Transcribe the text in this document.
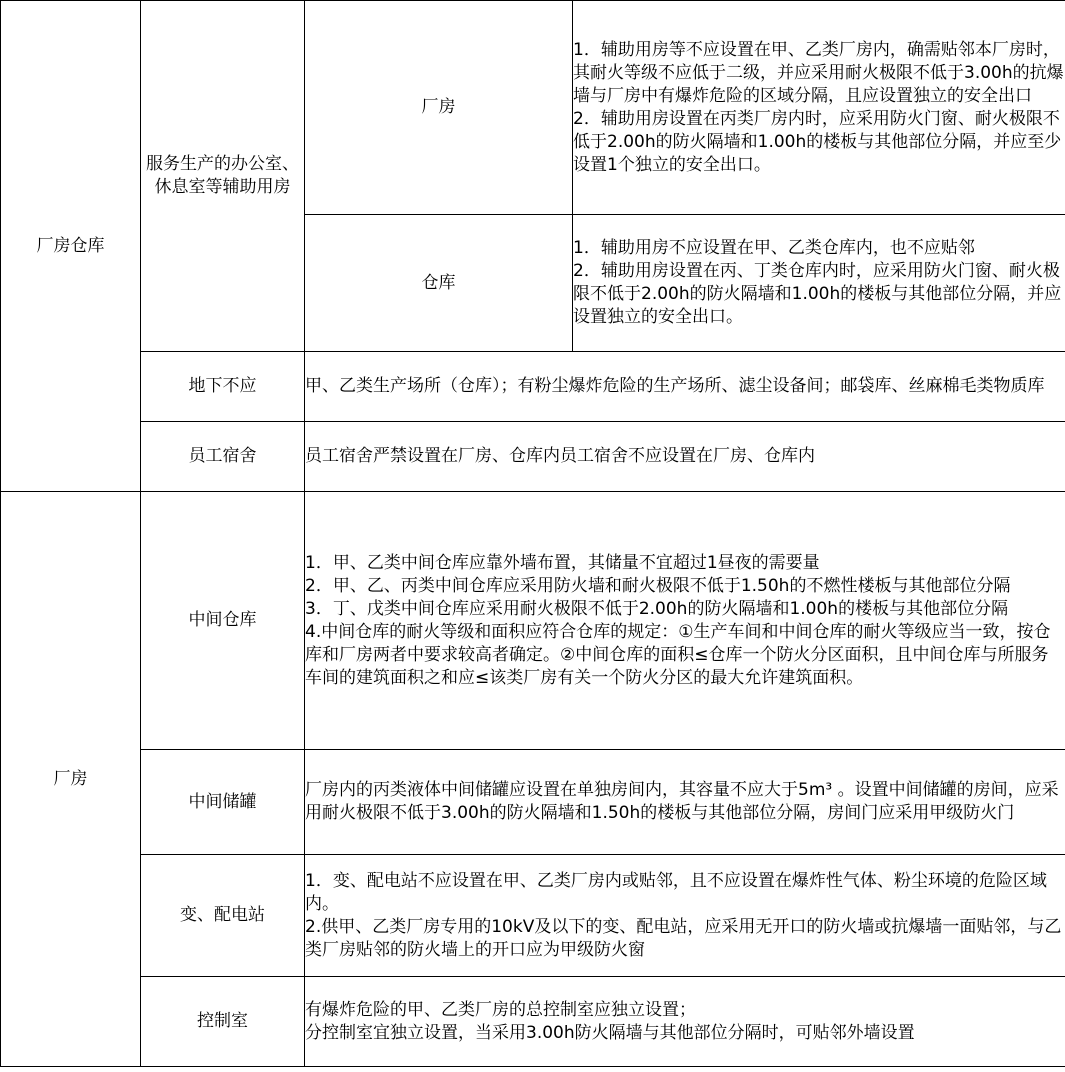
厂房仓库	服务生产的办公室、休息室等辅助用房	厂房	1．辅助用房等不应设置在甲、乙类厂房内，确需贴邻本厂房时，其耐火等级不应低于二级，并应采用耐火极限不低于3.00h的抗爆墙与厂房中有爆炸危险的区域分隔，且应设置独立的安全出口
2．辅助用房设置在丙类厂房内时，应采用防火门窗、耐火极限不低于2.00h的防火隔墙和1.00h的楼板与其他部位分隔，并应至少设置1个独立的安全出口。
		仓库	1．辅助用房不应设置在甲、乙类仓库内，也不应贴邻
2．辅助用房设置在丙、丁类仓库内时，应采用防火门窗、耐火极限不低于2.00h的防火隔墙和1.00h的楼板与其他部位分隔，并应设置独立的安全出口。
	地下不应	甲、乙类生产场所（仓库）；有粉尘爆炸危险的生产场所、滤尘设备间；邮袋库、丝麻棉毛类物质库	
	员工宿舍	员工宿舍严禁设置在厂房、仓库内员工宿舍不应设置在厂房、仓库内	
厂房	中间仓库	1．甲、乙类中间仓库应靠外墙布置，其储量不宜超过1昼夜的需要量
2．甲、乙、丙类中间仓库应采用防火墙和耐火极限不低于1.50h的不燃性楼板与其他部位分隔
3．丁、戊类中间仓库应采用耐火极限不低于2.00h的防火隔墙和1.00h的楼板与其他部位分隔
4.中间仓库的耐火等级和面积应符合仓库的规定：①生产车间和中间仓库的耐火等级应当一致，按仓库和厂房两者中要求较高者确定。②中间仓库的面积≤仓库一个防火分区面积，且中间仓库与所服务车间的建筑面积之和应≤该类厂房有关一个防火分区的最大允许建筑面积。	
	中间储罐	厂房内的丙类液体中间储罐应设置在单独房间内，其容量不应大于5m³ 。设置中间储罐的房间，应采用耐火极限不低于3.00h的防火隔墙和1.50h的楼板与其他部位分隔，房间门应采用甲级防火门	
	变、配电站	1．变、配电站不应设置在甲、乙类厂房内或贴邻，且不应设置在爆炸性气体、粉尘环境的危险区域内。
2.供甲、乙类厂房专用的10kV及以下的变、配电站，应采用无开口的防火墙或抗爆墙一面贴邻，与乙类厂房贴邻的防火墙上的开口应为甲级防火窗	
	控制室	有爆炸危险的甲、乙类厂房的总控制室应独立设置；
分控制室宜独立设置，当采用3.00h防火隔墙与其他部位分隔时，可贴邻外墙设置	
